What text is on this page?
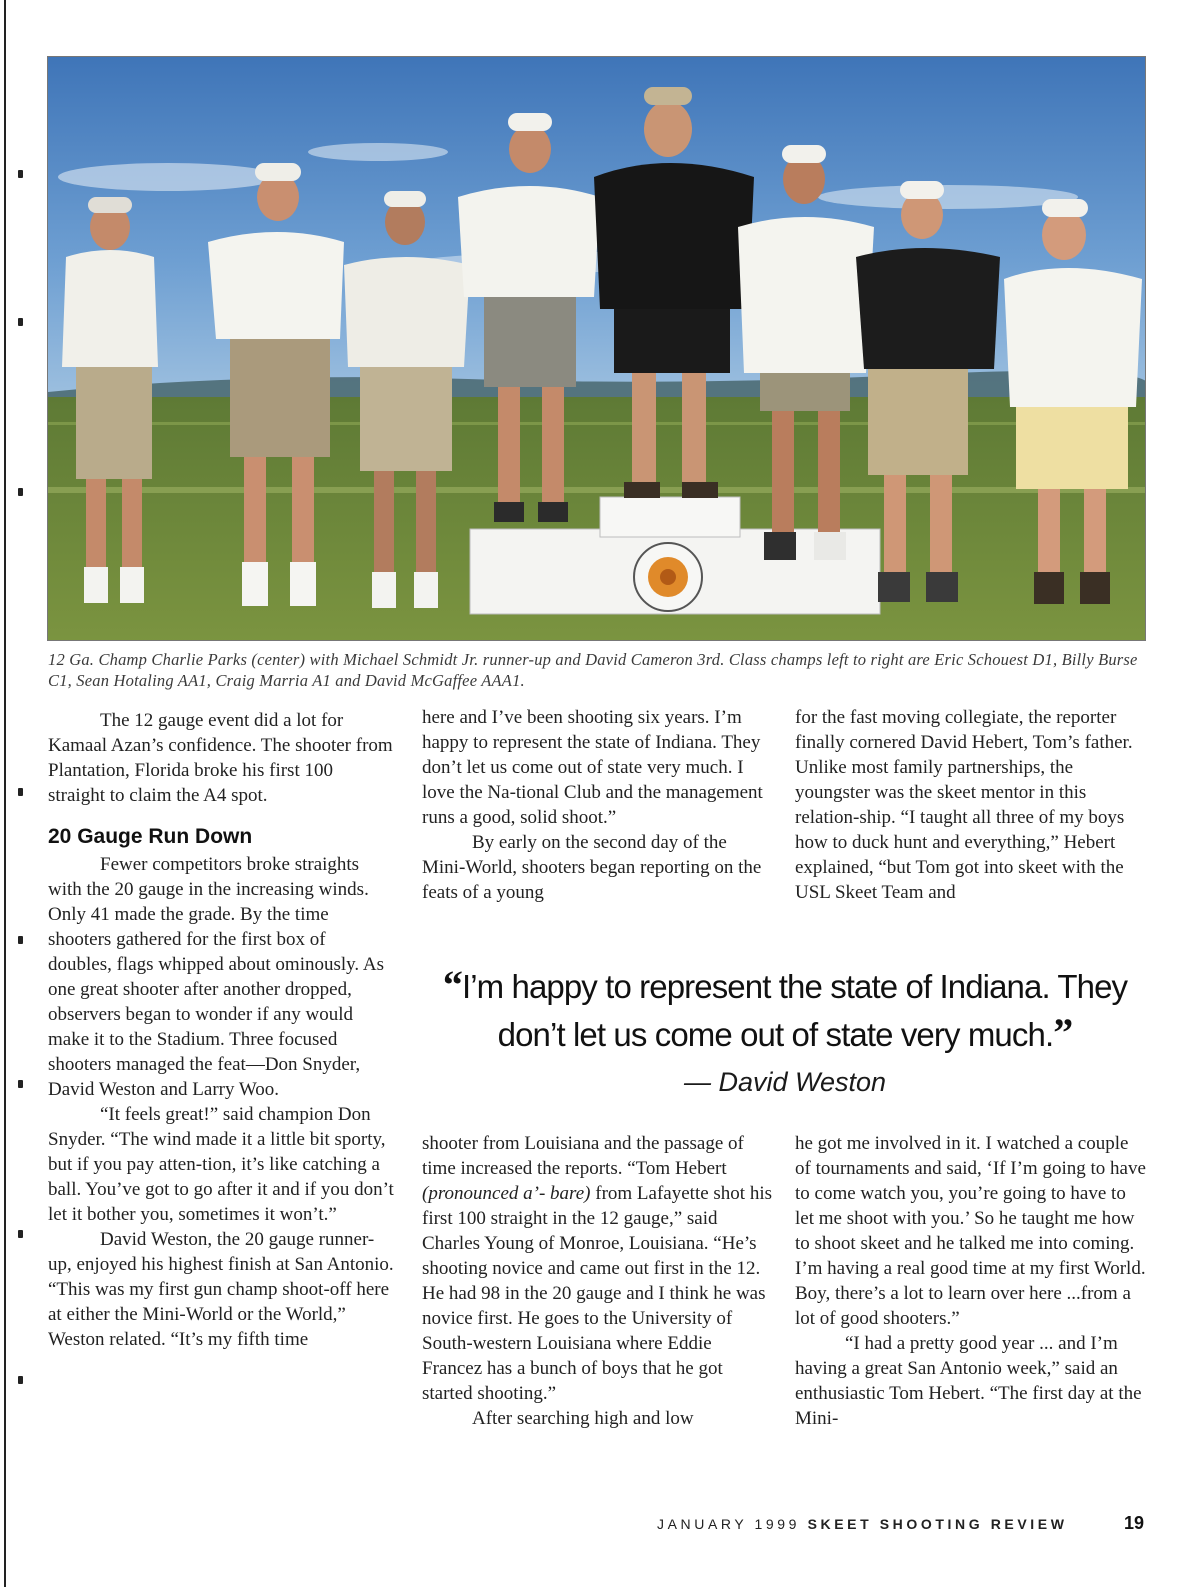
12 Ga. Champ Charlie Parks (center) with Michael Schmidt Jr. runner-up and David Cameron 3rd. Class champs left to right are Eric Schouest D1, Billy Burse C1, Sean Hotaling AA1, Craig Marria A1 and David McGaffee AAA1.

The 12 gauge event did a lot for Kamaal Azan’s confidence. The shooter from Plantation, Florida broke his first 100 straight to claim the A4 spot.

20 Gauge Run Down

Fewer competitors broke straights with the 20 gauge in the increasing winds. Only 41 made the grade. By the time shooters gathered for the first box of doubles, flags whipped about ominously. As one great shooter after another dropped, observers began to wonder if any would make it to the Stadium. Three focused shooters managed the feat—Don Snyder, David Weston and Larry Woo.

“It feels great!” said champion Don Snyder. “The wind made it a little bit sporty, but if you pay atten-tion, it’s like catching a ball. You’ve got to go after it and if you don’t let it bother you, sometimes it won’t.”

David Weston, the 20 gauge runner-up, enjoyed his highest finish at San Antonio. “This was my first gun champ shoot-off here at either the Mini-World or the World,” Weston related. “It’s my fifth time

here and I’ve been shooting six years. I’m happy to represent the state of Indiana. They don’t let us come out of state very much. I love the Na-tional Club and the management runs a good, solid shoot.”

By early on the second day of the Mini-World, shooters began reporting on the feats of a young

for the fast moving collegiate, the reporter finally cornered David Hebert, Tom’s father. Unlike most family partnerships, the youngster was the skeet mentor in this relation-ship. “I taught all three of my boys how to duck hunt and everything,” Hebert explained, “but Tom got into skeet with the USL Skeet Team and

“I’m happy to represent the state of Indiana. They don’t let us come out of state very much.”
— David Weston

shooter from Louisiana and the passage of time increased the reports. “Tom Hebert (pronounced a’- bare) from Lafayette shot his first 100 straight in the 12 gauge,” said Charles Young of Monroe, Louisiana. “He’s shooting novice and came out first in the 12. He had 98 in the 20 gauge and I think he was novice first. He goes to the University of South-western Louisiana where Eddie Francez has a bunch of boys that he got started shooting.”

After searching high and low

he got me involved in it. I watched a couple of tournaments and said, ‘If I’m going to have to come watch you, you’re going to have to let me shoot with you.’ So he taught me how to shoot skeet and he talked me into coming. I’m having a real good time at my first World. Boy, there’s a lot to learn over here ...from a lot of good shooters.”

“I had a pretty good year ... and I’m having a great San Antonio week,” said an enthusiastic Tom Hebert. “The first day at the Mini-

JANUARY 1999 SKEET SHOOTING REVIEW	19
